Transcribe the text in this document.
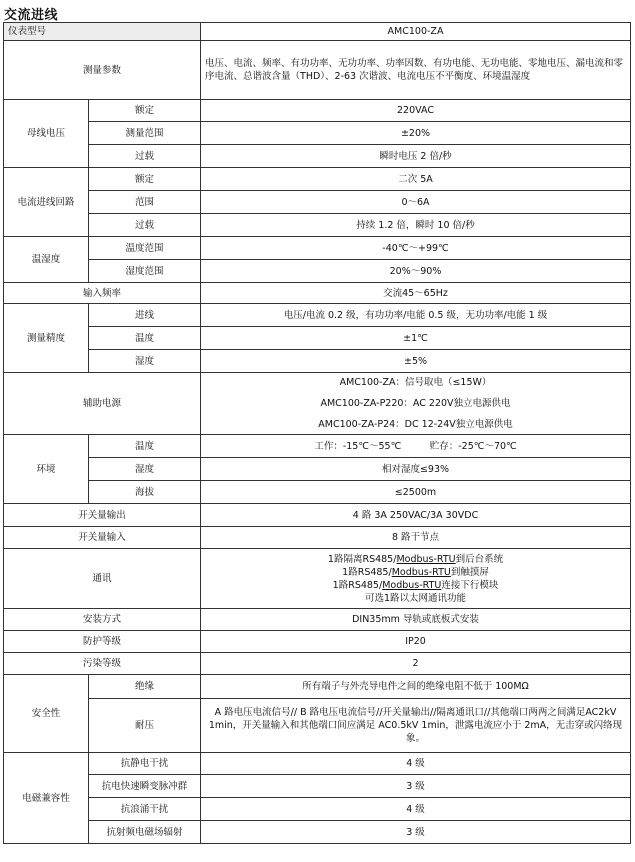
交流进线
仪表型号		AMC100-ZA
测量参数		电压、电流、频率、有功功率、无功功率、功率因数、有功电能、无功电能、零地电压、漏电流和零序电流、总谐波含量（THD）、2-63 次谐波、电流电压不平衡度、环境温湿度
母线电压	额定	220VAC
	测量范围	±20%
	过载	瞬时电压 2 倍/秒
电流进线回路	额定	二次 5A
	范围	0～6A
	过载	持续 1.2 倍，瞬时 10 倍/秒
温湿度	温度范围	-40℃～+99℃
	湿度范围	20%～90%
输入频率		交流45～65Hz
测量精度	进线	电压/电流 0.2 级，有功功率/电能 0.5 级，无功功率/电能 1 级
	温度	±1℃
	湿度	±5%
辅助电源		AMC100-ZA：信号取电（≤15W）
AMC100-ZA-P220：AC 220V独立电源供电
AMC100-ZA-P24：DC 12-24V独立电源供电

环境	温度	工作：-15℃～55℃　　　贮存：-25℃～70℃
	湿度	相对湿度≤93%
	海拔	≤2500m
开关量输出		4 路 3A 250VAC/3A 30VDC
开关量输入		8 路干节点
通讯		1路隔离RS485/Modbus-RTU到后台系统
1路RS485/Modbus-RTU到触摸屏
1路RS485/Modbus-RTU连接下行模块
可选1路以太网通讯功能

安装方式		DIN35mm 导轨或底板式安装
防护等级		IP20
污染等级		2
安全性	绝缘	所有端子与外壳导电件之间的绝缘电阻不低于 100MΩ
	耐压	A 路电压电流信号// B 路电压电流信号//开关量输出//隔离通讯口//其他端口两两之间满足AC2kV 1min，开关量输入和其他端口间应满足 AC0.5kV 1min，泄露电流应小于 2mA，无击穿或闪络现象。
电磁兼容性	抗静电干扰	4 级
	抗电快速瞬变脉冲群	3 级
	抗浪涌干扰	4 级
	抗射频电磁场辐射	3 级
